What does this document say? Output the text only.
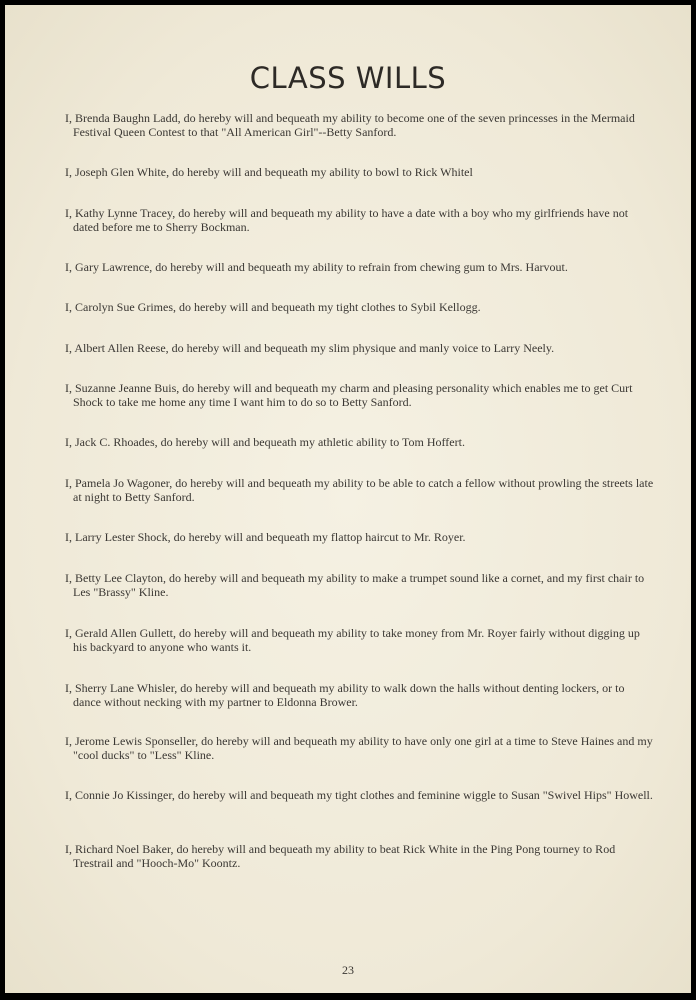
CLASS WILLS
I, Brenda Baughn Ladd, do hereby will and bequeath my ability to become one of the seven princesses in the Mermaid Festival Queen Contest to that "All American Girl"--Betty Sanford.
I, Joseph Glen White, do hereby will and bequeath my ability to bowl to Rick Whitel
I, Kathy Lynne Tracey, do hereby will and bequeath my ability to have a date with a boy who my girlfriends have not dated before me to Sherry Bockman.
I, Gary Lawrence, do hereby will and bequeath my ability to refrain from chewing gum to Mrs. Harvout.
I, Carolyn Sue Grimes, do hereby will and bequeath my tight clothes to Sybil Kellogg.
I, Albert Allen Reese, do hereby will and bequeath my slim physique and manly voice to Larry Neely.
I, Suzanne Jeanne Buis, do hereby will and bequeath my charm and pleasing personality which enables me to get Curt Shock to take me home any time I want him to do so to Betty Sanford.
I, Jack C. Rhoades, do hereby will and bequeath my athletic ability to Tom Hoffert.
I, Pamela Jo Wagoner, do hereby will and bequeath my ability to be able to catch a fellow without prowling the streets late at night to Betty Sanford.
I, Larry Lester Shock, do hereby will and bequeath my flattop haircut to Mr. Royer.
I, Betty Lee Clayton, do hereby will and bequeath my ability to make a trumpet sound like a cornet, and my first chair to Les "Brassy" Kline.
I, Gerald Allen Gullett, do hereby will and bequeath my ability to take money from Mr. Royer fairly without digging up his backyard to anyone who wants it.
I, Sherry Lane Whisler, do hereby will and bequeath my ability to walk down the halls without denting lockers, or to dance without necking with my partner to Eldonna Brower.
I, Jerome Lewis Sponseller, do hereby will and bequeath my ability to have only one girl at a time to Steve Haines and my "cool ducks" to "Less" Kline.
I, Connie Jo Kissinger, do hereby will and bequeath my tight clothes and feminine wiggle to Susan "Swivel Hips" Howell.
I, Richard Noel Baker, do hereby will and bequeath my ability to beat Rick White in the Ping Pong tourney to Rod Trestrail and "Hooch-Mo" Koontz.
23
